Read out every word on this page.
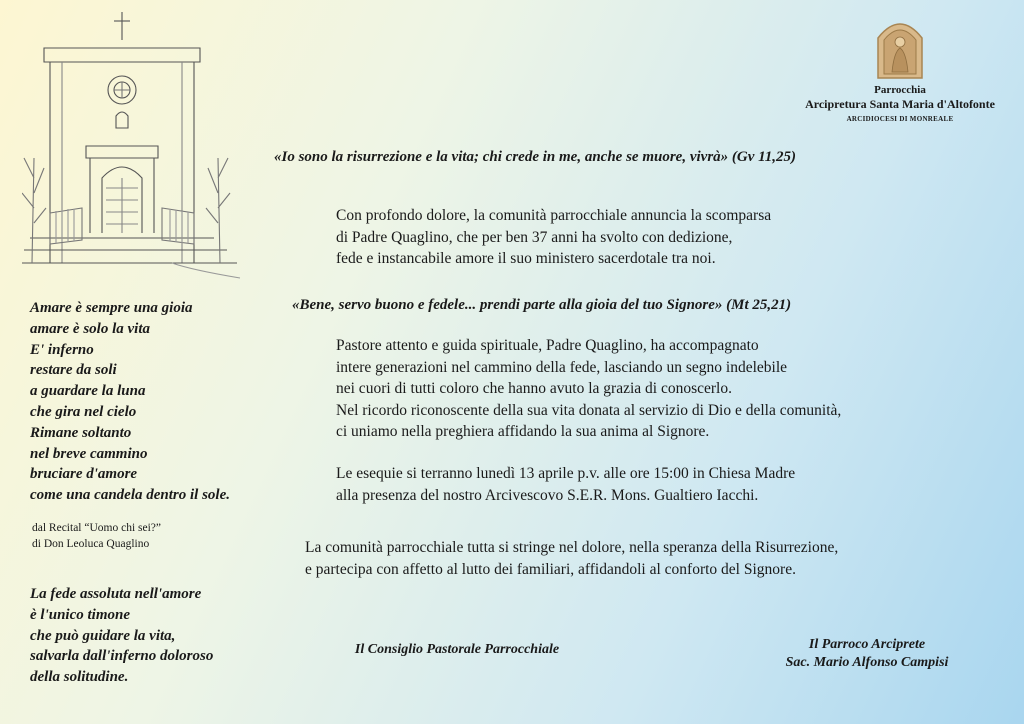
Parrocchia
Arcipretura Santa Maria d'Altofonte
ARCIDIOCESI DI MONREALE
«Io sono la risurrezione e la vita; chi crede in me, anche se muore, vivrà» (Gv 11,25)
Con profondo dolore, la comunità parrocchiale annuncia la scomparsa
di Padre Quaglino, che per ben 37 anni ha svolto con dedizione,
fede e instancabile amore il suo ministero sacerdotale tra noi.
«Bene, servo buono e fedele... prendi parte alla gioia del tuo Signore» (Mt 25,21)
Pastore attento e guida spirituale, Padre Quaglino, ha accompagnato
intere generazioni nel cammino della fede, lasciando un segno indelebile
nei cuori di tutti coloro che hanno avuto la grazia di conoscerlo.
Nel ricordo riconoscente della sua vita donata al servizio di Dio e della comunità,
ci uniamo nella preghiera affidando la sua anima al Signore.
Le esequie si terranno lunedì 13 aprile p.v. alle ore 15:00 in Chiesa Madre
alla presenza del nostro Arcivescovo S.E.R. Mons. Gualtiero Iacchi.
La comunità parrocchiale tutta si stringe nel dolore, nella speranza della Risurrezione,
e partecipa con affetto al lutto dei familiari, affidandoli al conforto del Signore.
Amare è sempre una gioia
amare è solo la vita
E' inferno
restare da soli
a guardare la luna
che gira nel cielo
Rimane soltanto
nel breve cammino
bruciare d'amore
come una candela dentro il sole.
dal Recital “Uomo chi sei?”
di Don Leoluca Quaglino
La fede assoluta nell'amore
è l'unico timone
che può guidare la vita,
salvarla dall'inferno doloroso
della solitudine.
Il Consiglio Pastorale Parrocchiale	Il Parroco Arciprete
Sac. Mario Alfonso Campisi
